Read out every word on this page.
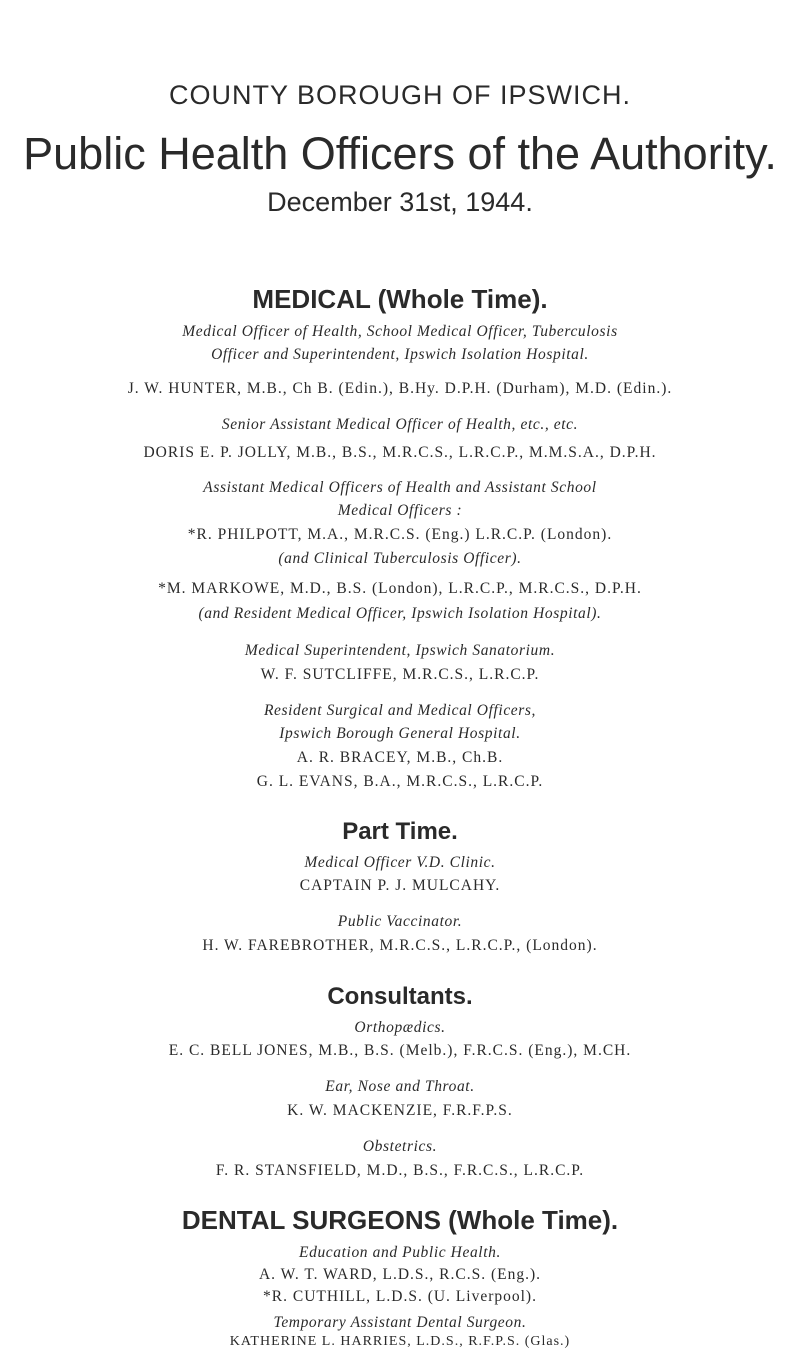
COUNTY BOROUGH OF IPSWICH.
Public Health Officers of the Authority.
December 31st, 1944.
MEDICAL (Whole Time).
Medical Officer of Health, School Medical Officer, Tuberculosis
Officer and Superintendent, Ipswich Isolation Hospital.
J. W. HUNTER, M.B., Ch B. (Edin.), B.Hy. D.P.H. (Durham), M.D. (Edin.).
Senior Assistant Medical Officer of Health, etc., etc.
DORIS E. P. JOLLY, M.B., B.S., M.R.C.S., L.R.C.P., M.M.S.A., D.P.H.
Assistant Medical Officers of Health and Assistant School
Medical Officers :
*R. PHILPOTT, M.A., M.R.C.S. (Eng.) L.R.C.P. (London).
(and Clinical Tuberculosis Officer).
*M. MARKOWE, M.D., B.S. (London), L.R.C.P., M.R.C.S., D.P.H.
(and Resident Medical Officer, Ipswich Isolation Hospital).
Medical Superintendent, Ipswich Sanatorium.
W. F. SUTCLIFFE, M.R.C.S., L.R.C.P.
Resident Surgical and Medical Officers,
Ipswich Borough General Hospital.
A. R. BRACEY, M.B., Ch.B.
G. L. EVANS, B.A., M.R.C.S., L.R.C.P.
Part Time.
Medical Officer V.D. Clinic.
CAPTAIN P. J. MULCAHY.
Public Vaccinator.
H. W. FAREBROTHER, M.R.C.S., L.R.C.P., (London).
Consultants.
Orthopædics.
E. C. BELL JONES, M.B., B.S. (Melb.), F.R.C.S. (Eng.), M.CH.
Ear, Nose and Throat.
K. W. MACKENZIE, F.R.F.P.S.
Obstetrics.
F. R. STANSFIELD, M.D., B.S., F.R.C.S., L.R.C.P.
DENTAL SURGEONS (Whole Time).
Education and Public Health.
A. W. T. WARD, L.D.S., R.C.S. (Eng.).
*R. CUTHILL, L.D.S. (U. Liverpool).
Temporary Assistant Dental Surgeon.
KATHERINE L. HARRIES, L.D.S., R.F.P.S. (Glas.)
